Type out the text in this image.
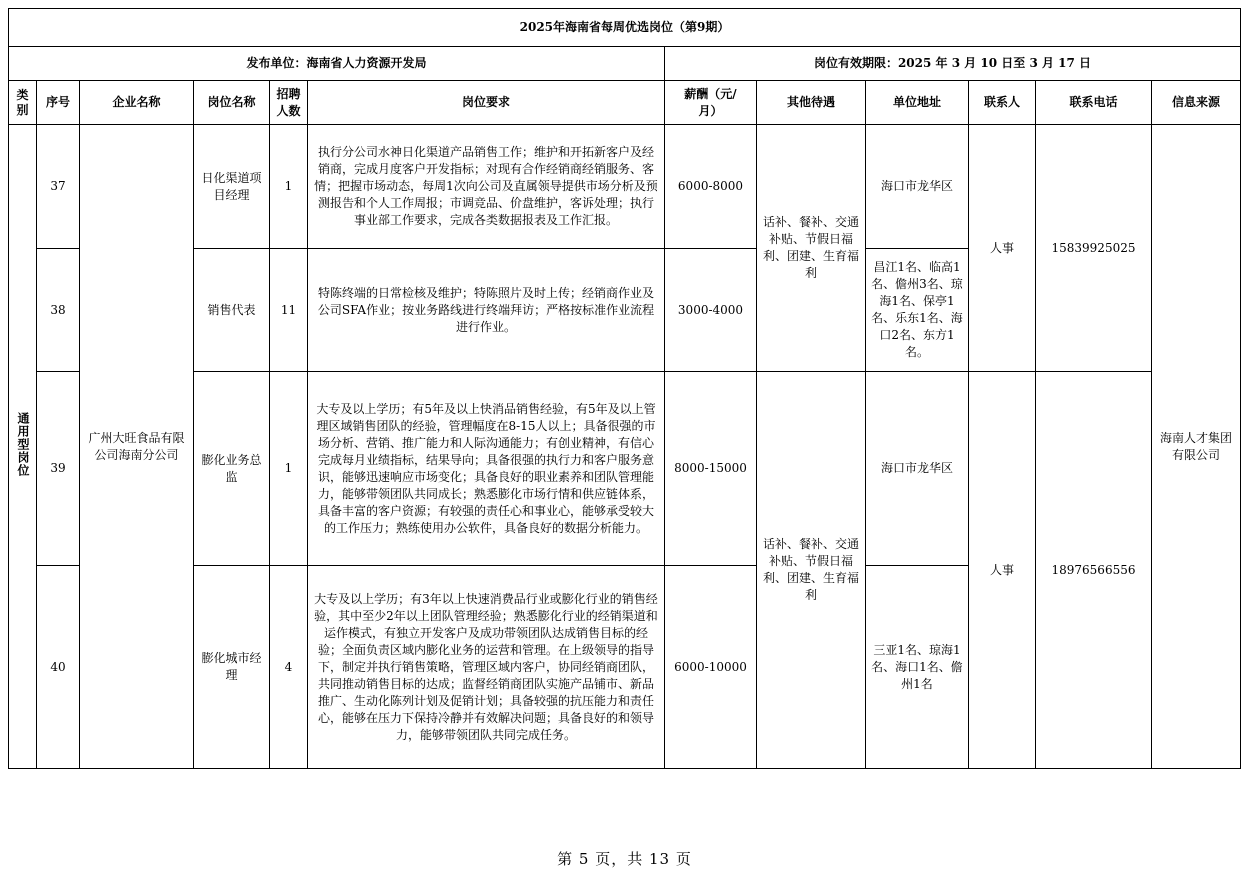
2025年海南省每周优选岗位（第9期）											
发布单位：海南省人力资源开发局						岗位有效期限：2025 年 3 月 10 日至 3 月 17 日					

类别	序号	企业名称	岗位名称	招聘人数	岗位要求	薪酬（元/月）	其他待遇	单位地址	联系人	联系电话	信息来源
通用型岗位	37	广州大旺食品有限公司海南分公司	日化渠道项目经理	1	执行分公司水神日化渠道产品销售工作；维护和开拓新客户及经销商，完成月度客户开发指标；对现有合作经销商经销服务、客情；把握市场动态，每周1次向公司及直属领导提供市场分析及预测报告和个人工作周报；市调竞品、价盘维护，客诉处理；执行事业部工作要求，完成各类数据报表及工作汇报。	6000-8000	话补、餐补、交通补贴、节假日福利、团建、生育福利	海口市龙华区	人事	15839925025	海南人才集团有限公司
	38		销售代表	11	特陈终端的日常检核及维护；特陈照片及时上传；经销商作业及公司SFA作业；按业务路线进行终端拜访；严格按标准作业流程进行作业。	3000-4000		昌江1名、临高1名、儋州3名、琼海1名、保亭1名、乐东1名、海口2名、东方1名。			
	39		膨化业务总监	1	大专及以上学历；有5年及以上快消品销售经验，有5年及以上管理区域销售团队的经验，管理幅度在8-15人以上；具备很强的市场分析、营销、推广能力和人际沟通能力；有创业精神，有信心完成每月业绩指标，结果导向；具备很强的执行力和客户服务意识，能够迅速响应市场变化；具备良好的职业素养和团队管理能力，能够带领团队共同成长；熟悉膨化市场行情和供应链体系，具备丰富的客户资源；有较强的责任心和事业心，能够承受较大的工作压力；熟练使用办公软件，具备良好的数据分析能力。	8000-15000	话补、餐补、交通补贴、节假日福利、团建、生育福利	海口市龙华区	人事	18976566556	
	40		膨化城市经理	4	大专及以上学历；有3年以上快速消费品行业或膨化行业的销售经验，其中至少2年以上团队管理经验；熟悉膨化行业的经销渠道和运作模式，有独立开发客户及成功带领团队达成销售目标的经验；全面负责区域内膨化业务的运营和管理。在上级领导的指导下，制定并执行销售策略，管理区域内客户，协同经销商团队，共同推动销售目标的达成；监督经销商团队实施产品铺市、新品推广、生动化陈列计划及促销计划；具备较强的抗压能力和责任心，能够在压力下保持冷静并有效解决问题；具备良好的和领导力，能够带领团队共同完成任务。	6000-10000		三亚1名、琼海1名、海口1名、儋州1名			
第 5 页，共 13 页
